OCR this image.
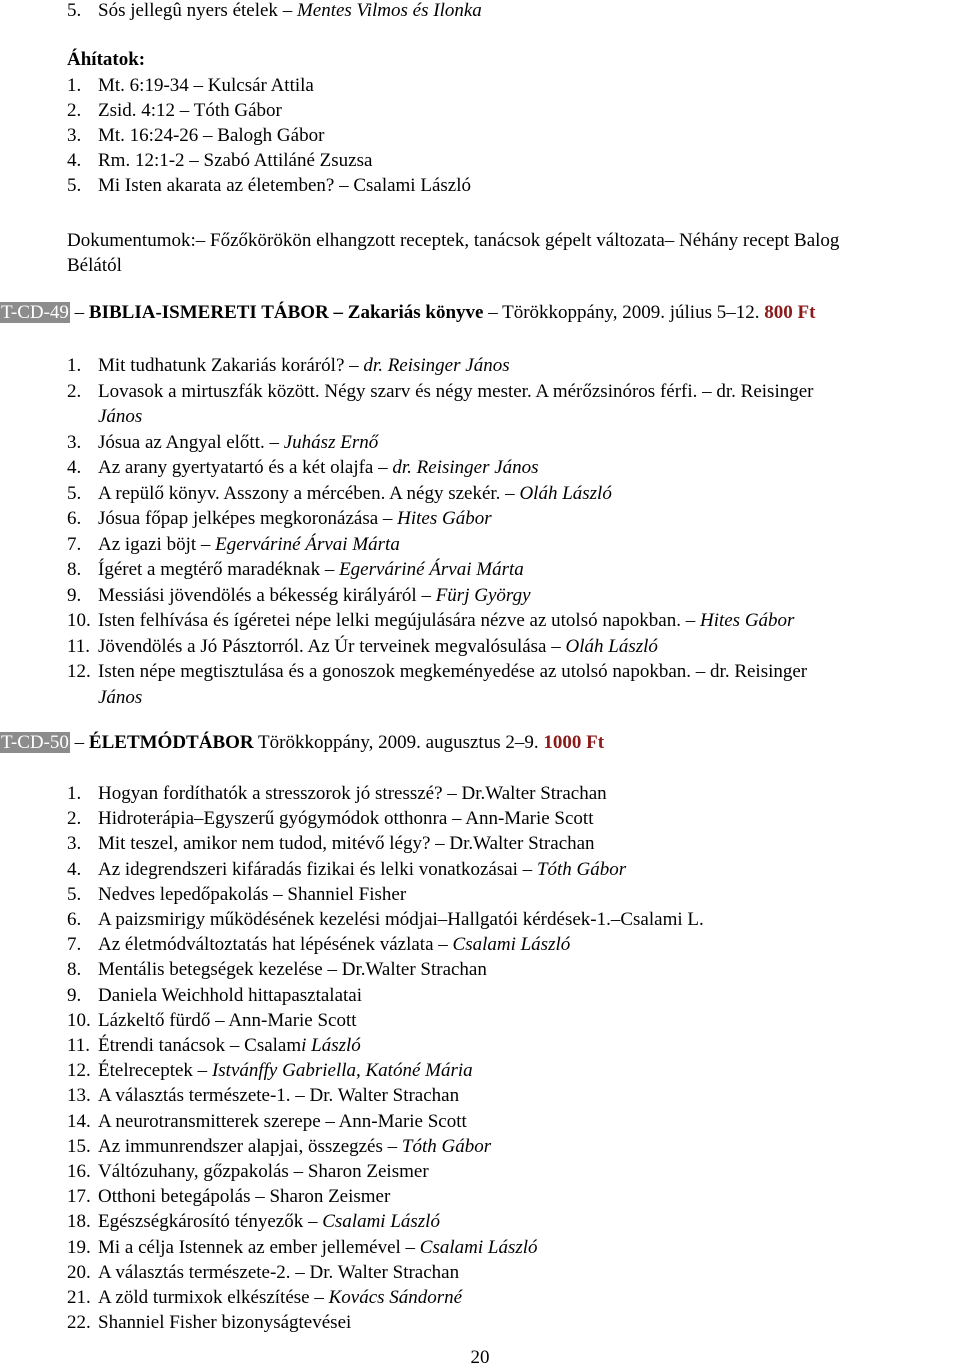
5. Sós jellegû nyers ételek – Mentes Vilmos és Ilonka
Áhítatok:
1. Mt. 6:19-34 – Kulcsár Attila
2. Zsid. 4:12 – Tóth Gábor
3. Mt. 16:24-26 – Balogh Gábor
4. Rm. 12:1-2 – Szabó Attiláné Zsuzsa
5. Mi Isten akarata az életemben? – Csalami László
Dokumentumok:– Főzőkörökön elhangzott receptek, tanácsok gépelt változata– Néhány recept Balog
Bélától
T-CD-49 – BIBLIA-ISMERETI TÁBOR – Zakariás könyve – Törökkoppány, 2009. július 5–12. 800 Ft
1. Mit tudhatunk Zakariás koráról? – dr. Reisinger János
2. Lovasok a mirtuszfák között. Négy szarv és négy mester. A mérőzsinóros férfi. – dr. Reisinger
János
3. Jósua az Angyal előtt. – Juhász Ernő
4. Az arany gyertyatartó és a két olajfa – dr. Reisinger János
5. A repülő könyv. Asszony a mércében. A négy szekér. – Oláh László
6. Jósua főpap jelképes megkoronázása – Hites Gábor
7. Az igazi böjt – Egerváriné Árvai Márta
8. Ígéret a megtérő maradéknak – Egerváriné Árvai Márta
9. Messiási jövendölés a békesség királyáról – Fürj György
10. Isten felhívása és ígéretei népe lelki megújulására nézve az utolsó napokban. – Hites Gábor
11. Jövendölés a Jó Pásztorról. Az Úr terveinek megvalósulása – Oláh László
12. Isten népe megtisztulása és a gonoszok megkeményedése az utolsó napokban. – dr. Reisinger
János
T-CD-50 – ÉLETMÓDTÁBOR Törökkoppány, 2009. augusztus 2–9. 1000 Ft
1. Hogyan fordíthatók a stresszorok jó stresszé? – Dr.Walter Strachan
2. Hidroterápia–Egyszerű gyógymódok otthonra – Ann-Marie Scott
3. Mit teszel, amikor nem tudod, mitévő légy? – Dr.Walter Strachan
4. Az idegrendszeri kifáradás fizikai és lelki vonatkozásai – Tóth Gábor
5. Nedves lepedőpakolás – Shanniel Fisher
6. A paizsmirigy működésének kezelési módjai–Hallgatói kérdések-1.–Csalami L.
7. Az életmódváltoztatás hat lépésének vázlata – Csalami László
8. Mentális betegségek kezelése – Dr.Walter Strachan
9. Daniela Weichhold hittapasztalatai
10. Lázkeltő fürdő – Ann-Marie Scott
11. Étrendi tanácsok – Csalami László
12. Ételreceptek – Istvánffy Gabriella, Katóné Mária
13. A választás természete-1. – Dr. Walter Strachan
14. A neurotransmitterek szerepe – Ann-Marie Scott
15. Az immunrendszer alapjai, összegzés – Tóth Gábor
16. Váltózuhany, gőzpakolás – Sharon Zeismer
17. Otthoni betegápolás – Sharon Zeismer
18. Egészségkárosító tényezők – Csalami László
19. Mi a célja Istennek az ember jellemével – Csalami László
20. A választás természete-2. – Dr. Walter Strachan
21. A zöld turmixok elkészítése – Kovács Sándorné
22. Shanniel Fisher bizonyságtevései
20
